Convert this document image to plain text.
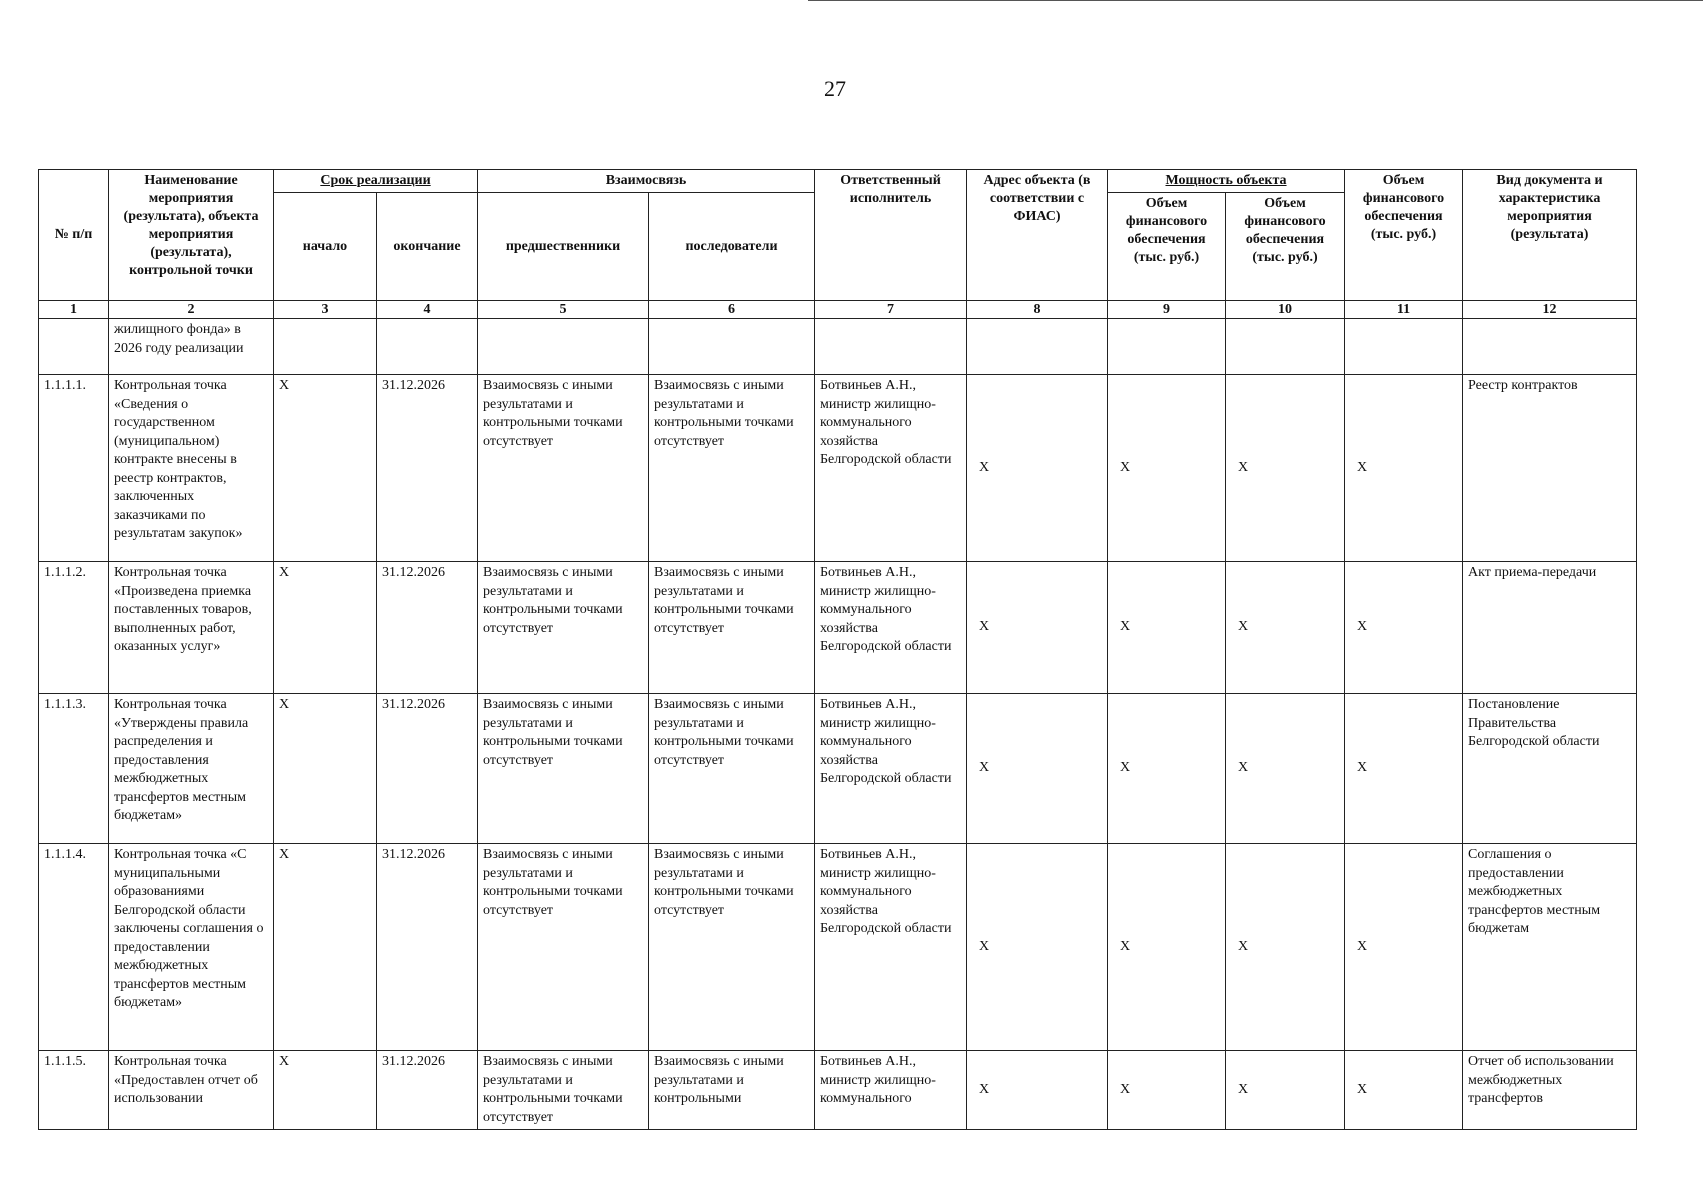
27
№ п/п	Наименование мероприятия (результата), объекта мероприятия (результата), контрольной точки	Срок реализации		Взаимосвязь		Ответственный исполнитель	Адрес объекта (в соответствии с ФИАС)	Мощность объекта		Объем финансового обеспечения (тыс. руб.)	Вид документа и характеристика мероприятия (результата)
		начало	окончание	предшественники	последователи			Объем финансового обеспечения (тыс. руб.)	Объем финансового обеспечения (тыс. руб.)		
1	2	3	4	5	6	7	8	9	10	11	12
	жилищного фонда» в 2026 году реализации										
1.1.1.1.	Контрольная точка «Сведения о государственном (муниципальном) контракте внесены в реестр контрактов, заключенных заказчиками по результатам закупок»	X	31.12.2026	Взаимосвязь с иными результатами и контрольными точками отсутствует	Взаимосвязь с иными результатами и контрольными точками отсутствует	Ботвиньев А.Н., министр жилищно-коммунального хозяйства Белгородской области	X	X	X	X	Реестр контрактов
1.1.1.2.	Контрольная точка «Произведена приемка поставленных товаров, выполненных работ, оказанных услуг»	X	31.12.2026	Взаимосвязь с иными результатами и контрольными точками отсутствует	Взаимосвязь с иными результатами и контрольными точками отсутствует	Ботвиньев А.Н., министр жилищно-коммунального хозяйства Белгородской области	X	X	X	X	Акт приема-передачи
1.1.1.3.	Контрольная точка «Утверждены правила распределения и предоставления межбюджетных трансфертов местным бюджетам»	X	31.12.2026	Взаимосвязь с иными результатами и контрольными точками отсутствует	Взаимосвязь с иными результатами и контрольными точками отсутствует	Ботвиньев А.Н., министр жилищно-коммунального хозяйства Белгородской области	X	X	X	X	Постановление Правительства Белгородской области
1.1.1.4.	Контрольная точка «С муниципальными образованиями Белгородской области заключены соглашения о предоставлении межбюджетных трансфертов местным бюджетам»	X	31.12.2026	Взаимосвязь с иными результатами и контрольными точками отсутствует	Взаимосвязь с иными результатами и контрольными точками отсутствует	Ботвиньев А.Н., министр жилищно-коммунального хозяйства Белгородской области	X	X	X	X	Соглашения о предоставлении межбюджетных трансфертов местным бюджетам
1.1.1.5.	Контрольная точка «Предоставлен отчет об использовании	X	31.12.2026	Взаимосвязь с иными результатами и контрольными точками отсутствует	Взаимосвязь с иными результатами и контрольными	Ботвиньев А.Н., министр жилищно-коммунального	X	X	X	X	Отчет об использовании межбюджетных трансфертов
